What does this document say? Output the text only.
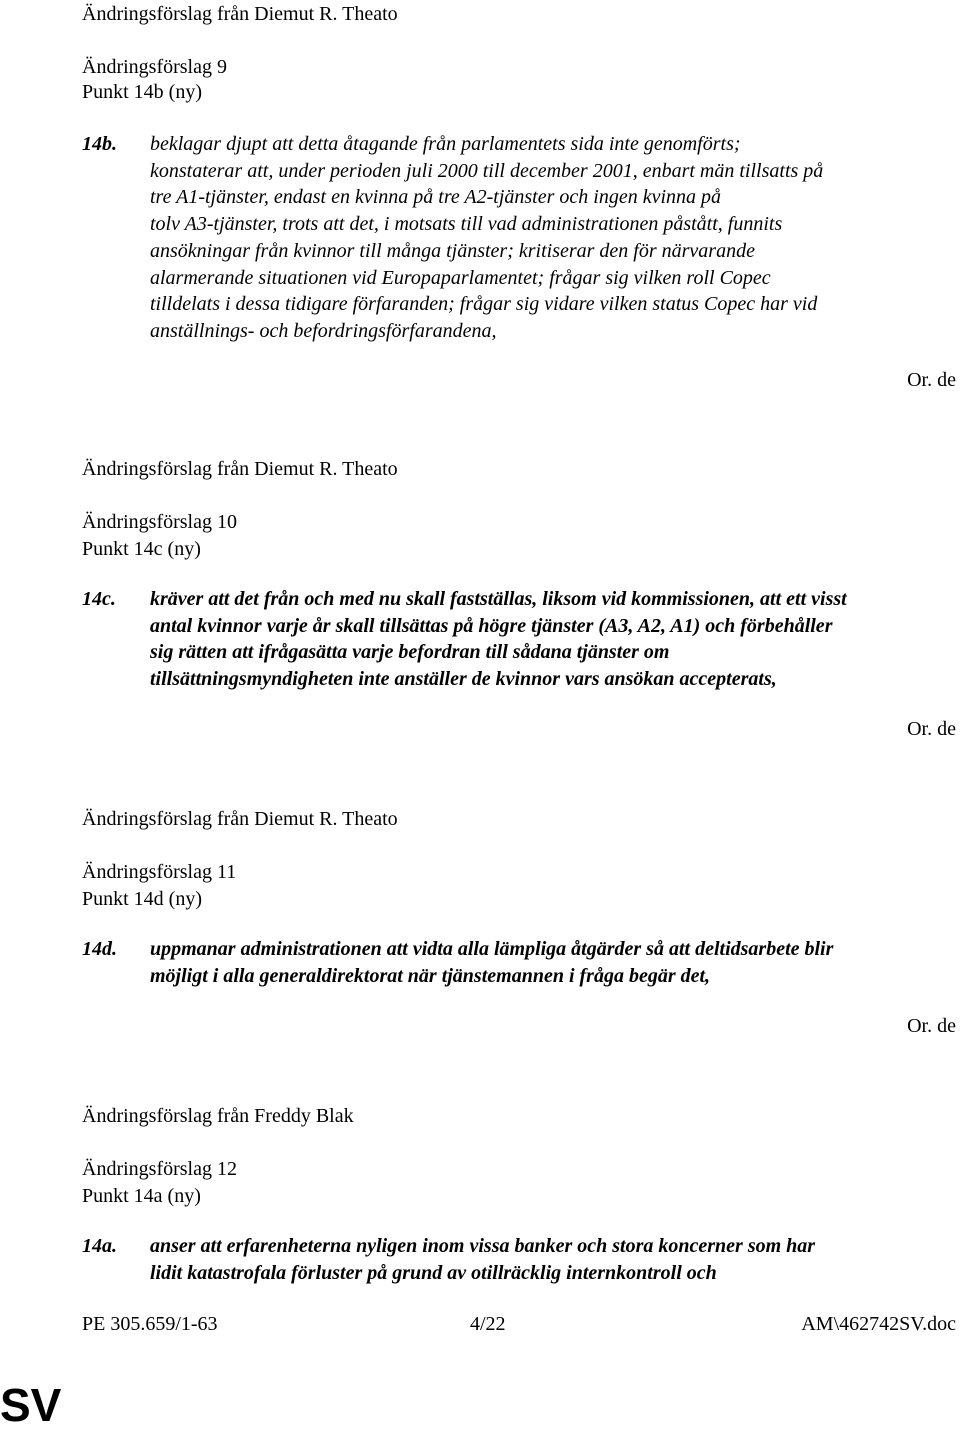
Ändringsförslag från Diemut R. Theato
Ändringsförslag 9
Punkt 14b (ny)
14b. beklagar djupt att detta åtagande från parlamentets sida inte genomförts;
konstaterar att, under perioden juli 2000 till december 2001, enbart män tillsatts på
tre A1-tjänster, endast en kvinna på tre A2-tjänster och ingen kvinna på
tolv A3-tjänster, trots att det, i motsats till vad administrationen påstått, funnits
ansökningar från kvinnor till många tjänster; kritiserar den för närvarande
alarmerande situationen vid Europaparlamentet; frågar sig vilken roll Copec
tilldelats i dessa tidigare förfaranden; frågar sig vidare vilken status Copec har vid
anställnings- och befordringsförfarandena,
Or. de
Ändringsförslag från Diemut R. Theato
Ändringsförslag 10
Punkt 14c (ny)
14c. kräver att det från och med nu skall fastställas, liksom vid kommissionen, att ett visst
antal kvinnor varje år skall tillsättas på högre tjänster (A3, A2, A1) och förbehåller
sig rätten att ifrågasätta varje befordran till sådana tjänster om
tillsättningsmyndigheten inte anställer de kvinnor vars ansökan accepterats,
Or. de
Ändringsförslag från Diemut R. Theato
Ändringsförslag 11
Punkt 14d (ny)
14d. uppmanar administrationen att vidta alla lämpliga åtgärder så att deltidsarbete blir
möjligt i alla generaldirektorat när tjänstemannen i fråga begär det,
Or. de
Ändringsförslag från Freddy Blak
Ändringsförslag 12
Punkt 14a (ny)
14a. anser att erfarenheterna nyligen inom vissa banker och stora koncerner som har
lidit katastrofala förluster på grund av otillräcklig internkontroll och
PE 305.659/1-63	4/22	AM\462742SV.doc
SV
